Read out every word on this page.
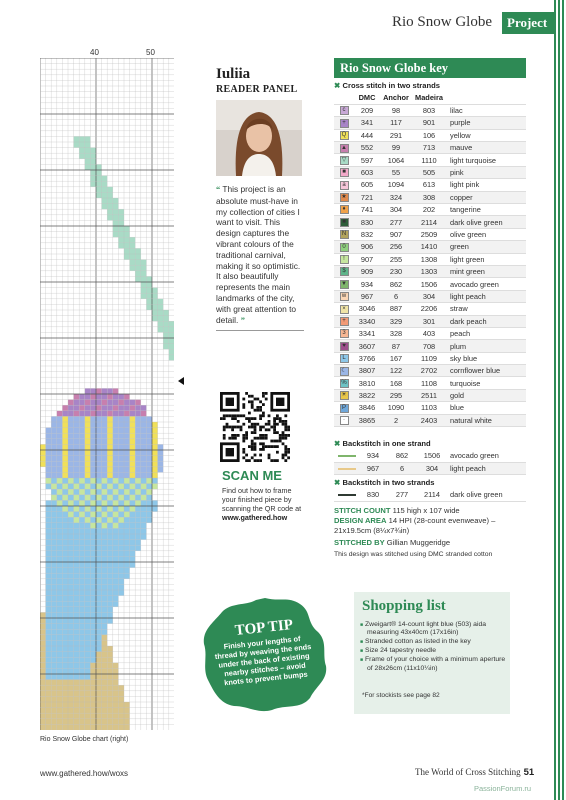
Rio Snow Globe	Project
40	50
Rio Snow Globe chart (right)
Iuliia
READER PANEL
“ This project is an absolute must-have in my collection of cities I want to visit. This design captures the vibrant colours of the traditional carnival, making it so optimistic. It also beautifully represents the main landmarks of the city, with great attention to detail. ”
SCAN ME
Find out how to frame your finished piece by scanning the QR code at www.gathered.how
TOP TIP
Finish your lengths of thread by weaving the ends under the back of existing nearby stitches – avoid knots to prevent bumps
Rio Snow Globe key
✖ Cross stitch in two strands
	DMC	Anchor	Madeira	
c	209	98	803	lilac
+	341	117	901	purple
Q	444	291	106	yellow
▲	552	99	713	mauve
▽	597	1064	1110	light turquoise
■	603	55	505	pink
a	605	1094	613	light pink
★	721	324	308	copper
♦	741	304	202	tangerine
■	830	277	2114	dark olive green
N	832	907	2509	olive green
0	906	256	1410	green
!	907	255	1308	light green
$	909	230	1303	mint green
▼	934	862	1506	avocado green
w	967	6	304	light peach
×	3046	887	2206	straw
+	3340	329	301	dark peach
3	3341	328	403	peach
♥	3607	87	708	plum
L	3766	167	1109	sky blue
☾	3807	122	2702	cornflower blue
%	3810	168	1108	turquoise
☀	3822	295	2511	gold
P	3846	1090	1103	blue
·	3865	2	2403	natural white
✖ Backstitch in one strand
	934	862	1506	avocado green
	967	6	304	light peach
✖ Backstitch in two strands
	830	277	2114	dark olive green
STITCH COUNT 115 high x 107 wide
DESIGN AREA 14 HPI (28-count evenweave) – 21x19.5cm (8¼x7¾in)
STITCHED BY Gillian Muggeridge
This design was stitched using DMC stranded cotton
Shopping list
■ Zweigart® 14-count light blue (503) aida measuring 43x40cm (17x16in)
■ Stranded cotton as listed in the key
■ Size 24 tapestry needle
■ Frame of your choice with a minimum aperture of 28x26cm (11x10¼in)
*For stockists see page 82
www.gathered.how/woxs	The World of Cross Stitching 51
PassionForum.ru
